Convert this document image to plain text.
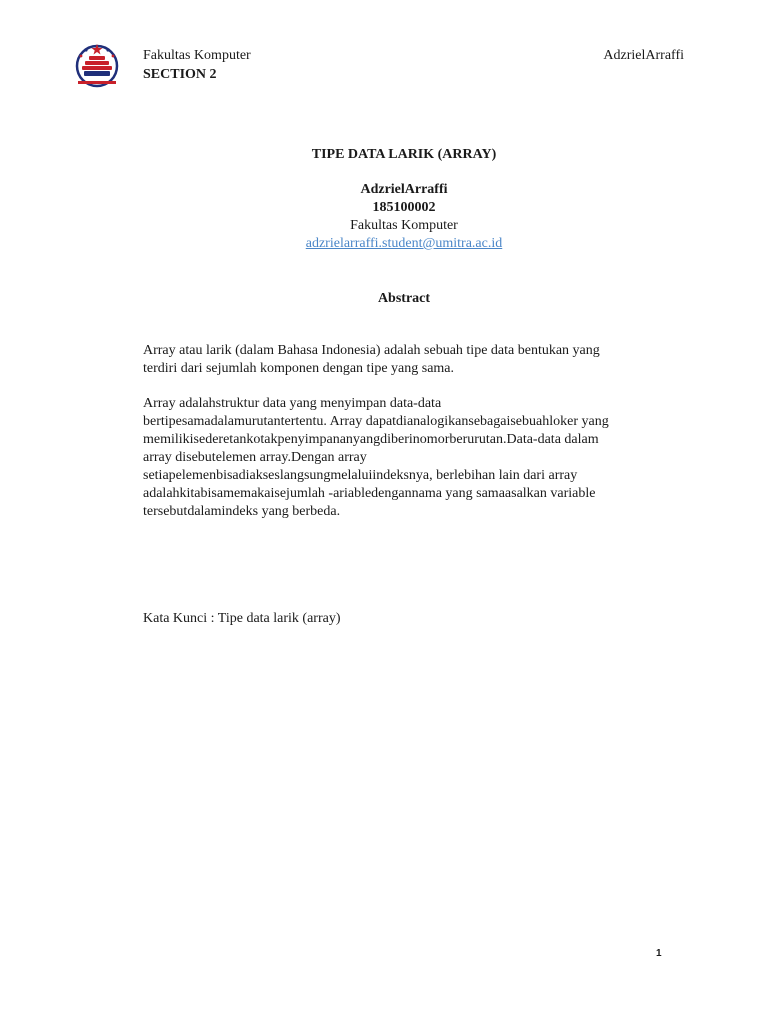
Fakultas Komputer
SECTION 2
AdzrielArraffi
TIPE DATA LARIK (ARRAY)
AdzrielArraffi
185100002
Fakultas Komputer
adzrielarraffi.student@umitra.ac.id
Abstract
Array atau larik (dalam Bahasa Indonesia) adalah sebuah tipe data bentukan yang
terdiri dari sejumlah komponen dengan tipe yang sama.
Array adalahstruktur data yang menyimpan data-data
bertipesamadalamurutantertentu. Array dapatdianalogikansebagaisebuahloker yang
memilikisederetankotakpenyimpananyangdiberinomorberurutan.Data-data dalam
array disebutelemen array.Dengan array
setiapelemenbisadiakseslangsungmelaluiindeksnya, berlebihan lain dari array
adalahkitabisamemakaisejumlah -ariabledengannama yang samaasalkan variable
tersebutdalamindeks yang berbeda.
Kata Kunci : Tipe data larik (array)
1
